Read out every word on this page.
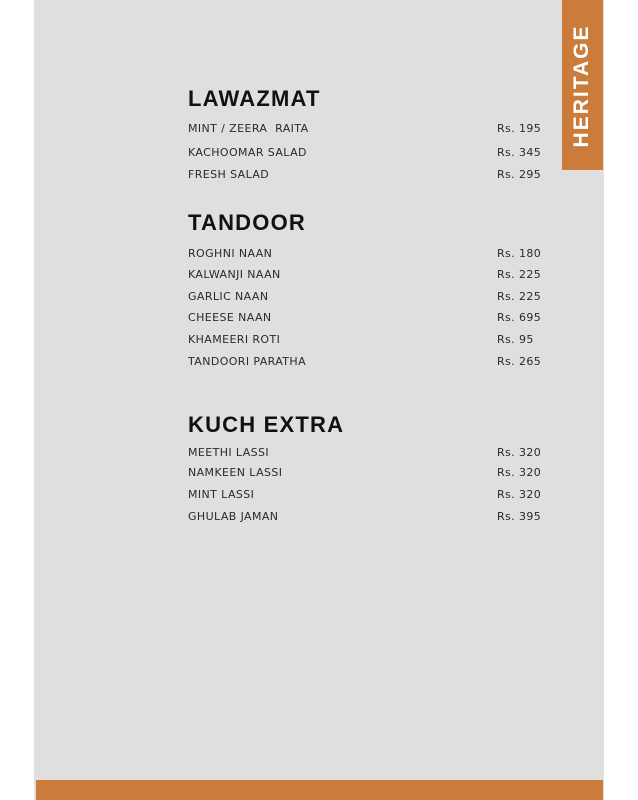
HERITAGE
LAWAZMAT
MINT / ZEERA  RAITA	Rs. 195
KACHOOMAR SALAD	Rs. 345
FRESH SALAD	Rs. 295
TANDOOR
ROGHNI NAAN	Rs. 180
KALWANJI NAAN	Rs. 225
GARLIC NAAN	Rs. 225
CHEESE NAAN	Rs. 695
KHAMEERI ROTI	Rs. 95
TANDOORI PARATHA	Rs. 265
KUCH EXTRA
MEETHI LASSI	Rs. 320
NAMKEEN LASSI	Rs. 320
MINT LASSI	Rs. 320
GHULAB JAMAN	Rs. 395
